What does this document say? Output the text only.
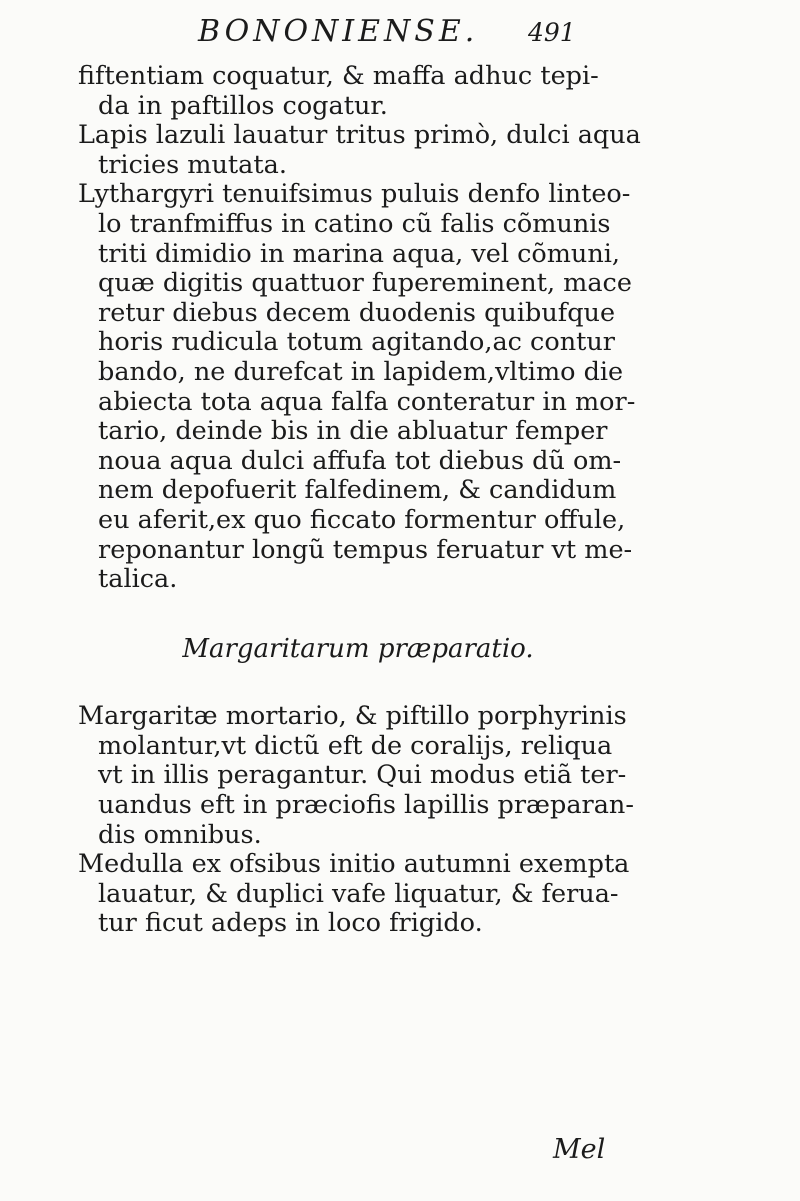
BONONIENSE. 491
fiftentiam coquatur, & maffa adhuc tepi-
da in paftillos cogatur.
Lapis lazuli lauatur tritus primò, dulci aqua
tricies mutata.
Lythargyri tenuifsimus puluis denfo linteo-
lo tranfmiffus in catino cũ falis cõmunis
triti dimidio in marina aqua, vel cõmuni,
quæ digitis quattuor fupereminent, mace
retur diebus decem duodenis quibufque
horis rudicula totum agitando,ac contur
bando, ne durefcat in lapidem,vltimo die
abiecta tota aqua falfa conteratur in mor-
tario, deinde bis in die abluatur femper
noua aqua dulci affufa tot diebus dũ om-
nem depofuerit falfedinem, & candidum
eu aferit,ex quo ficcato formentur offule,
reponantur longũ tempus feruatur vt me-
talica.
Margaritarum præparatio.
Margaritæ mortario, & piftillo porphyrinis
molantur,vt dictũ eft de coralijs, reliqua
vt in illis peragantur. Qui modus etiã ter-
uandus eft in præciofis lapillis præparan-
dis omnibus.
Medulla ex ofsibus initio autumni exempta
lauatur, & duplici vafe liquatur, & ferua-
tur ficut adeps in loco frigido.
Mel
